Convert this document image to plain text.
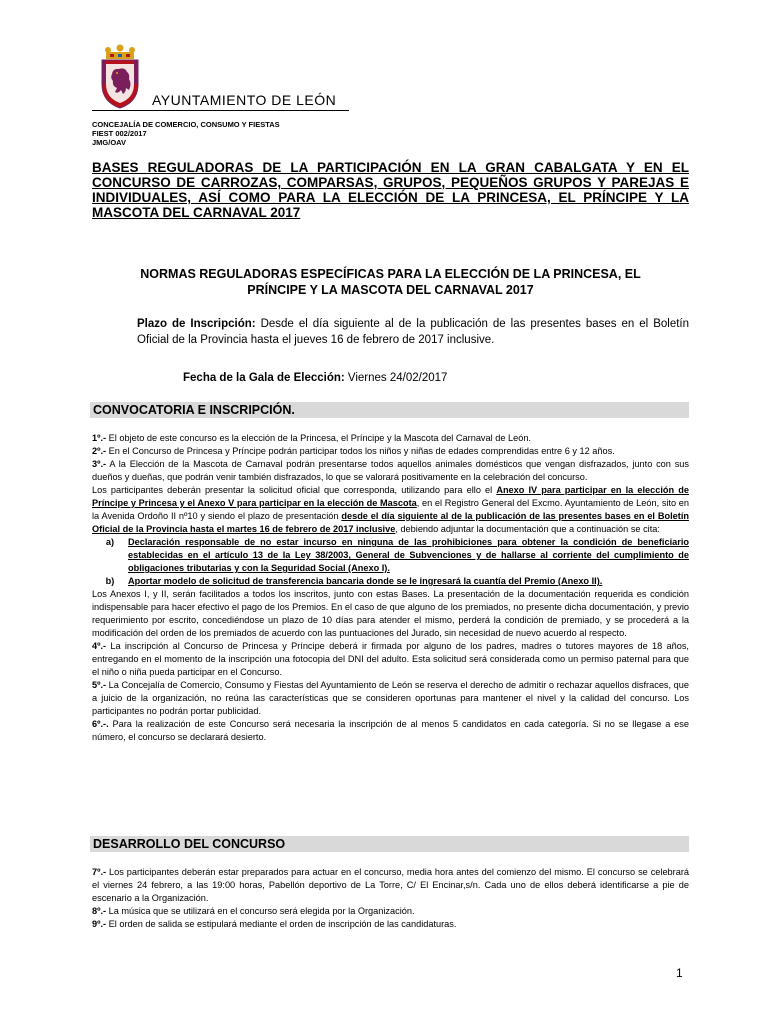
AYUNTAMIENTO DE LEÓN
CONCEJALÍA DE COMERCIO, CONSUMO Y FIESTAS
FIEST 002/2017
JMG/OAV
BASES REGULADORAS DE LA PARTICIPACIÓN EN LA GRAN CABALGATA Y EN EL CONCURSO DE CARROZAS, COMPARSAS, GRUPOS, PEQUEÑOS GRUPOS Y PAREJAS E INDIVIDUALES, ASÍ COMO PARA LA ELECCIÓN DE LA PRINCESA, EL PRÍNCIPE Y LA MASCOTA DEL CARNAVAL 2017
NORMAS REGULADORAS ESPECÍFICAS PARA LA ELECCIÓN DE LA PRINCESA, EL
PRÍNCIPE Y LA MASCOTA DEL CARNAVAL 2017
Plazo de Inscripción: Desde el día siguiente al de la publicación de las presentes bases en el Boletín Oficial de la Provincia hasta el jueves 16 de febrero de 2017 inclusive.
Fecha de la Gala de Elección: Viernes 24/02/2017
CONVOCATORIA E INSCRIPCIÓN.

1º.- El objeto de este concurso es la elección de la Princesa, el Príncipe y la Mascota del Carnaval de León.

2º.- En el Concurso de Princesa y Príncipe podrán participar todos los niños y niñas de edades comprendidas entre 6 y 12 años.

3º.- A la Elección de la Mascota de Carnaval podrán presentarse todos aquellos animales domésticos que vengan disfrazados, junto con sus dueños y dueñas, que podrán venir también disfrazados, lo que se valorará positivamente en la celebración del concurso.

Los participantes deberán presentar la solicitud oficial que corresponda, utilizando para ello el Anexo IV para participar en la elección de Príncipe y Princesa y el Anexo V para participar en la elección de Mascota, en el Registro General del Excmo. Ayuntamiento de León, sito en la Avenida Ordoño II nº10 y siendo el plazo de presentación desde el día siguiente al de la publicación de las presentes bases en el Boletín Oficial de la Provincia hasta el martes 16 de febrero de 2017 inclusive, debiendo adjuntar la documentación que a continuación se cita:

a)	Declaración responsable de no estar incurso en ninguna de las prohibiciones para obtener la condición de beneficiario establecidas en el artículo 13 de la Ley 38/2003, General de Subvenciones y de hallarse al corriente del cumplimiento de obligaciones tributarias y con la Seguridad Social (Anexo I).
b)	Aportar modelo de solicitud de transferencia bancaria donde se le ingresará la cuantía del Premio (Anexo II).

Los Anexos I, y II, serán facilitados a todos los inscritos, junto con estas Bases. La presentación de la documentación requerida es condición indispensable para hacer efectivo el pago de los Premios. En el caso de que alguno de los premiados, no presente dicha documentación, y previo requerimiento por escrito, concediéndose un plazo de 10 días para atender el mismo, perderá la condición de premiado, y se procederá a la modificación del orden de los premiados de acuerdo con las puntuaciones del Jurado, sin necesidad de nuevo acuerdo al respecto.

4º.- La inscripción al Concurso de Princesa y Príncipe deberá ir firmada por alguno de los padres, madres o tutores mayores de 18 años, entregando en el momento de la inscripción una fotocopia del DNI del adulto. Esta solicitud será considerada como un permiso paternal para que el niño o niña pueda participar en el Concurso.

5º.- La Concejalía de Comercio, Consumo y Fiestas del Ayuntamiento de León se reserva el derecho de admitir o rechazar aquellos disfraces, que a juicio de la organización, no reúna las características que se consideren oportunas para mantener el nivel y la calidad del concurso. Los participantes no podrán portar publicidad.

6º.-. Para la realización de este Concurso será necesaria la inscripción de al menos 5 candidatos en cada categoría. Si no se llegase a ese número, el concurso se declarará desierto.

DESARROLLO DEL CONCURSO

7º.- Los participantes deberán estar preparados para actuar en el concurso, media hora antes del comienzo del mismo. El concurso se celebrará el viernes 24 febrero, a las 19:00 horas, Pabellón deportivo de La Torre, C/ El Encinar,s/n. Cada uno de ellos deberá identificarse a pie de escenario a la Organización.

8º.- La música que se utilizará en el concurso será elegida por la Organización.

9º.- El orden de salida se estipulará mediante el orden de inscripción de las candidaturas.

1
